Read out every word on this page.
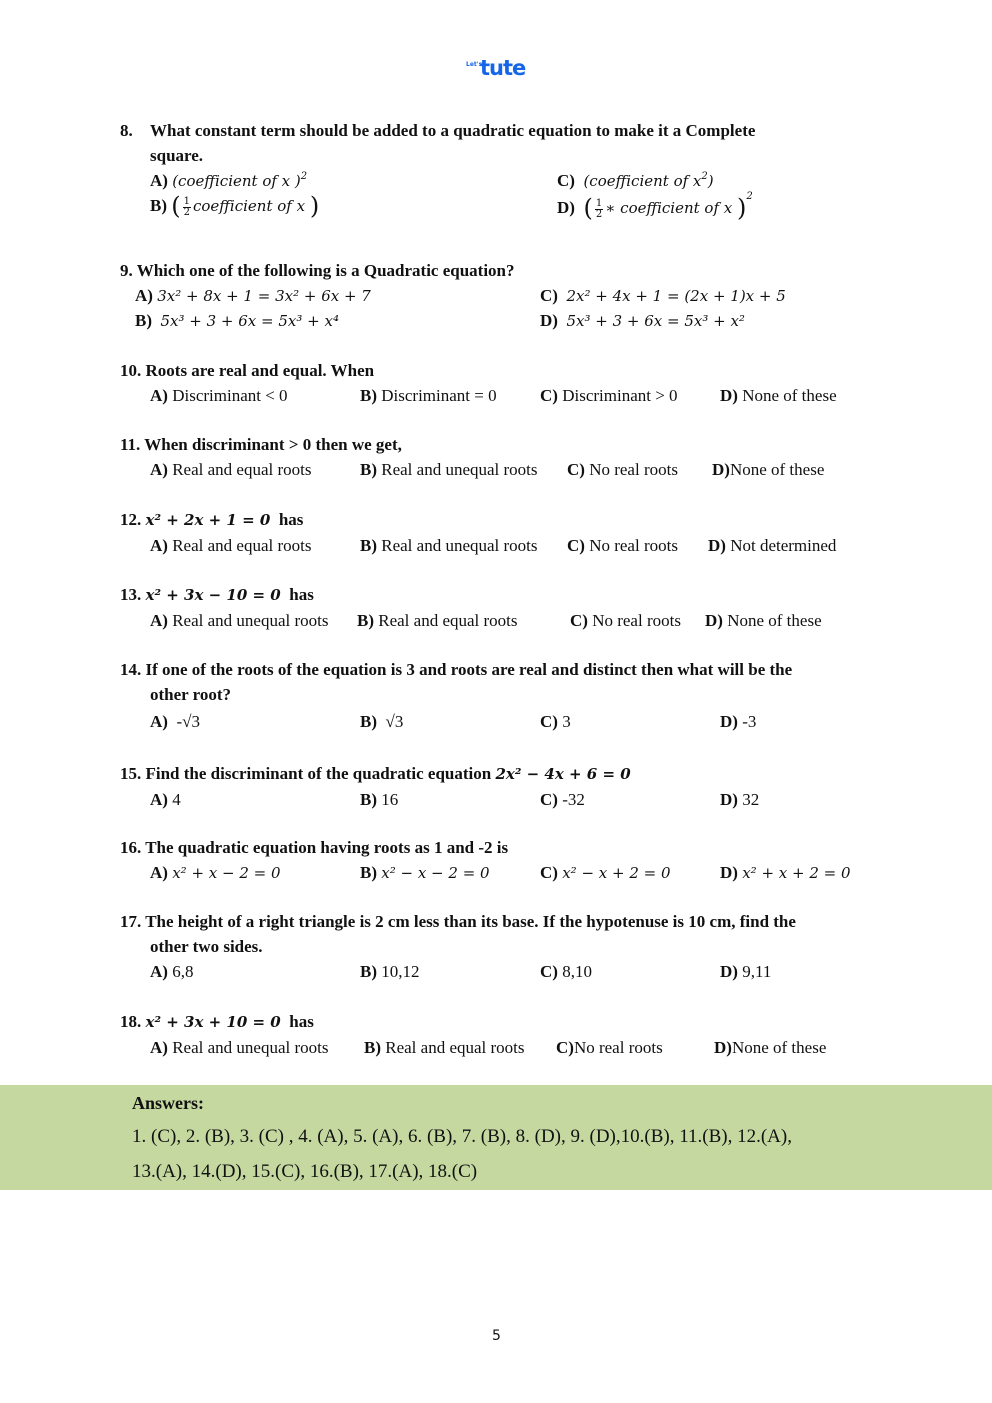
Let's
tute
8. What constant term should be added to a quadratic equation to make it a Complete
square.
A) (coefficient of x )$^2$	C) (coefficient of $x^2$)
B) ( $\frac{1}{2}$ coefficient of x )	D) ( $\frac{1}{2}$ ∗ coefficient of x )$^2$
9. Which one of the following is a Quadratic equation?
A) 3x² + 8x + 1 = 3x² + 6x + 7	C) 2x² + 4x + 1 = (2x + 1)x + 5
B) 5x³ + 3 + 6x = 5x³ + x⁴	D) 5x³ + 3 + 6x = 5x³ + x²
10. Roots are real and equal. When
A) Discriminant < 0	B) Discriminant = 0	C) Discriminant > 0 D) None of these
11. When discriminant > 0 then we get,
A) Real and equal roots	B) Real and unequal roots C) No real roots D)None of these
12. x² + 2x + 1 = 0 has
A) Real and equal roots	B) Real and unequal roots C) No real roots D) Not determined
13. x² + 3x − 10 = 0 has
A) Real and unequal roots B) Real and equal roots	C) No real roots D) None of these
14. If one of the roots of the equation is 3 and roots are real and distinct then what will be the
other root?
A) -√3	B) √3	C) 3	D) -3
15. Find the discriminant of the quadratic equation 2x² − 4x + 6 = 0
A) 4	B) 16	C) -32	D) 32
16. The quadratic equation having roots as 1 and -2 is
A) x² + x − 2 = 0	B) x² − x − 2 = 0	C) x² − x + 2 = 0	D) x² + x + 2 = 0
17. The height of a right triangle is 2 cm less than its base. If the hypotenuse is 10 cm, find the
other two sides.
A) 6,8	B) 10,12	C) 8,10	D) 9,11
18. x² + 3x + 10 = 0 has
A) Real and unequal roots B) Real and equal roots C)No real roots	D)None of these
Answers:
1. (C), 2. (B), 3. (C) , 4. (A), 5. (A), 6. (B), 7. (B), 8. (D), 9. (D),10.(B), 11.(B), 12.(A),
13.(A), 14.(D), 15.(C), 16.(B), 17.(A), 18.(C)
5
